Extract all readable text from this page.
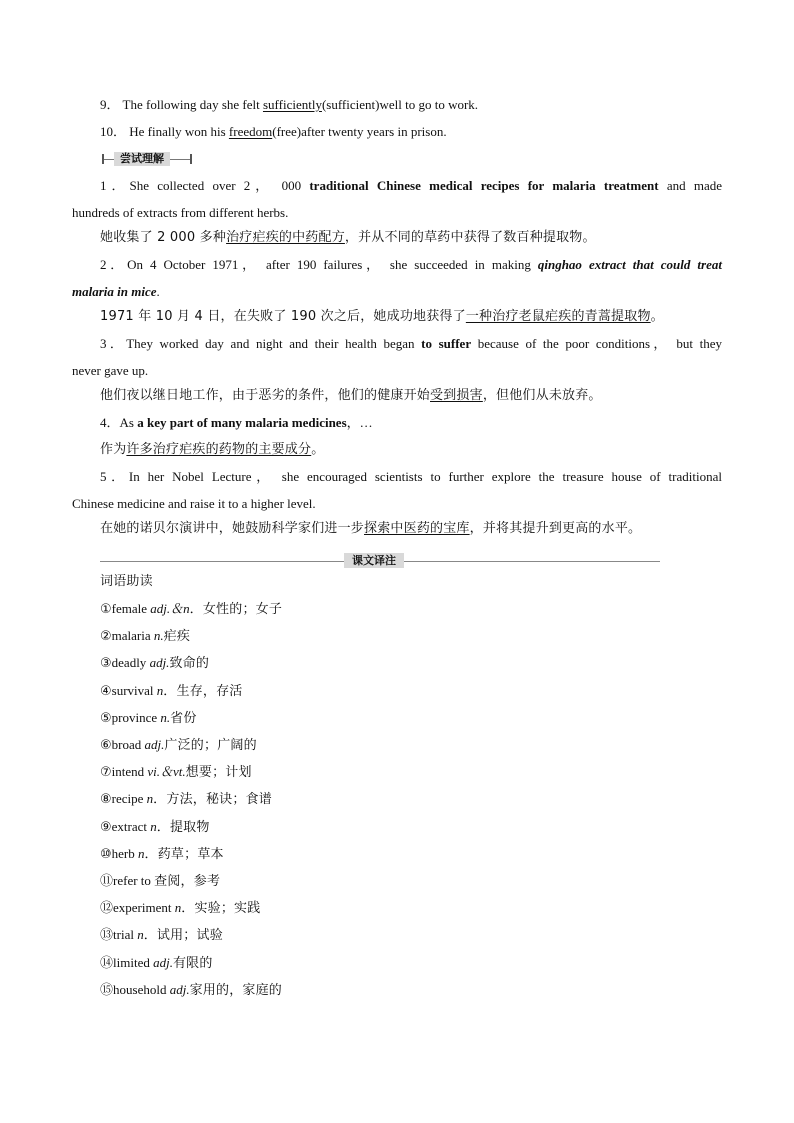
9． The following day she felt sufficiently(sufficient)well to go to work.
10． He finally won his freedom(free)after twenty years in prison.
尝试理解
1．She collected over 2， 000 traditional Chinese medical recipes for malaria treatment and made
hundreds of extracts from different herbs.
她收集了 2 000 多种治疗疟疾的中药配方，并从不同的草药中获得了数百种提取物。
2．On 4 October 1971， after 190 failures， she succeeded in making qinghao extract that could treat
malaria in mice.
1971 年 10 月 4 日，在失败了 190 次之后，她成功地获得了一种治疗老鼠疟疾的青蒿提取物。
3．They worked day and night and their health began to suffer because of the poor conditions， but they
never gave up.
他们夜以继日地工作，由于恶劣的条件，他们的健康开始受到损害，但他们从未放弃。
4．As a key part of many malaria medicines，…
作为许多治疗疟疾的药物的主要成分。
5．In her Nobel Lecture， she encouraged scientists to further explore the treasure house of traditional
Chinese medicine and raise it to a higher level.
在她的诺贝尔演讲中，她鼓励科学家们进一步探索中医药的宝库，并将其提升到更高的水平。
课文译注
词语助读
①female adj.＆n．女性的；女子
②malaria n.疟疾
③deadly adj.致命的
④survival n．生存，存活
⑤province n.省份
⑥broad adj.广泛的；广阔的
⑦intend vi.＆vt.想要；计划
⑧recipe n．方法，秘诀；食谱
⑨extract n．提取物
⑩herb n．药草；草本
⑪refer to 查阅，参考
⑫experiment n．实验；实践
⑬trial n．试用；试验
⑭limited adj.有限的
⑮household adj.家用的，家庭的
